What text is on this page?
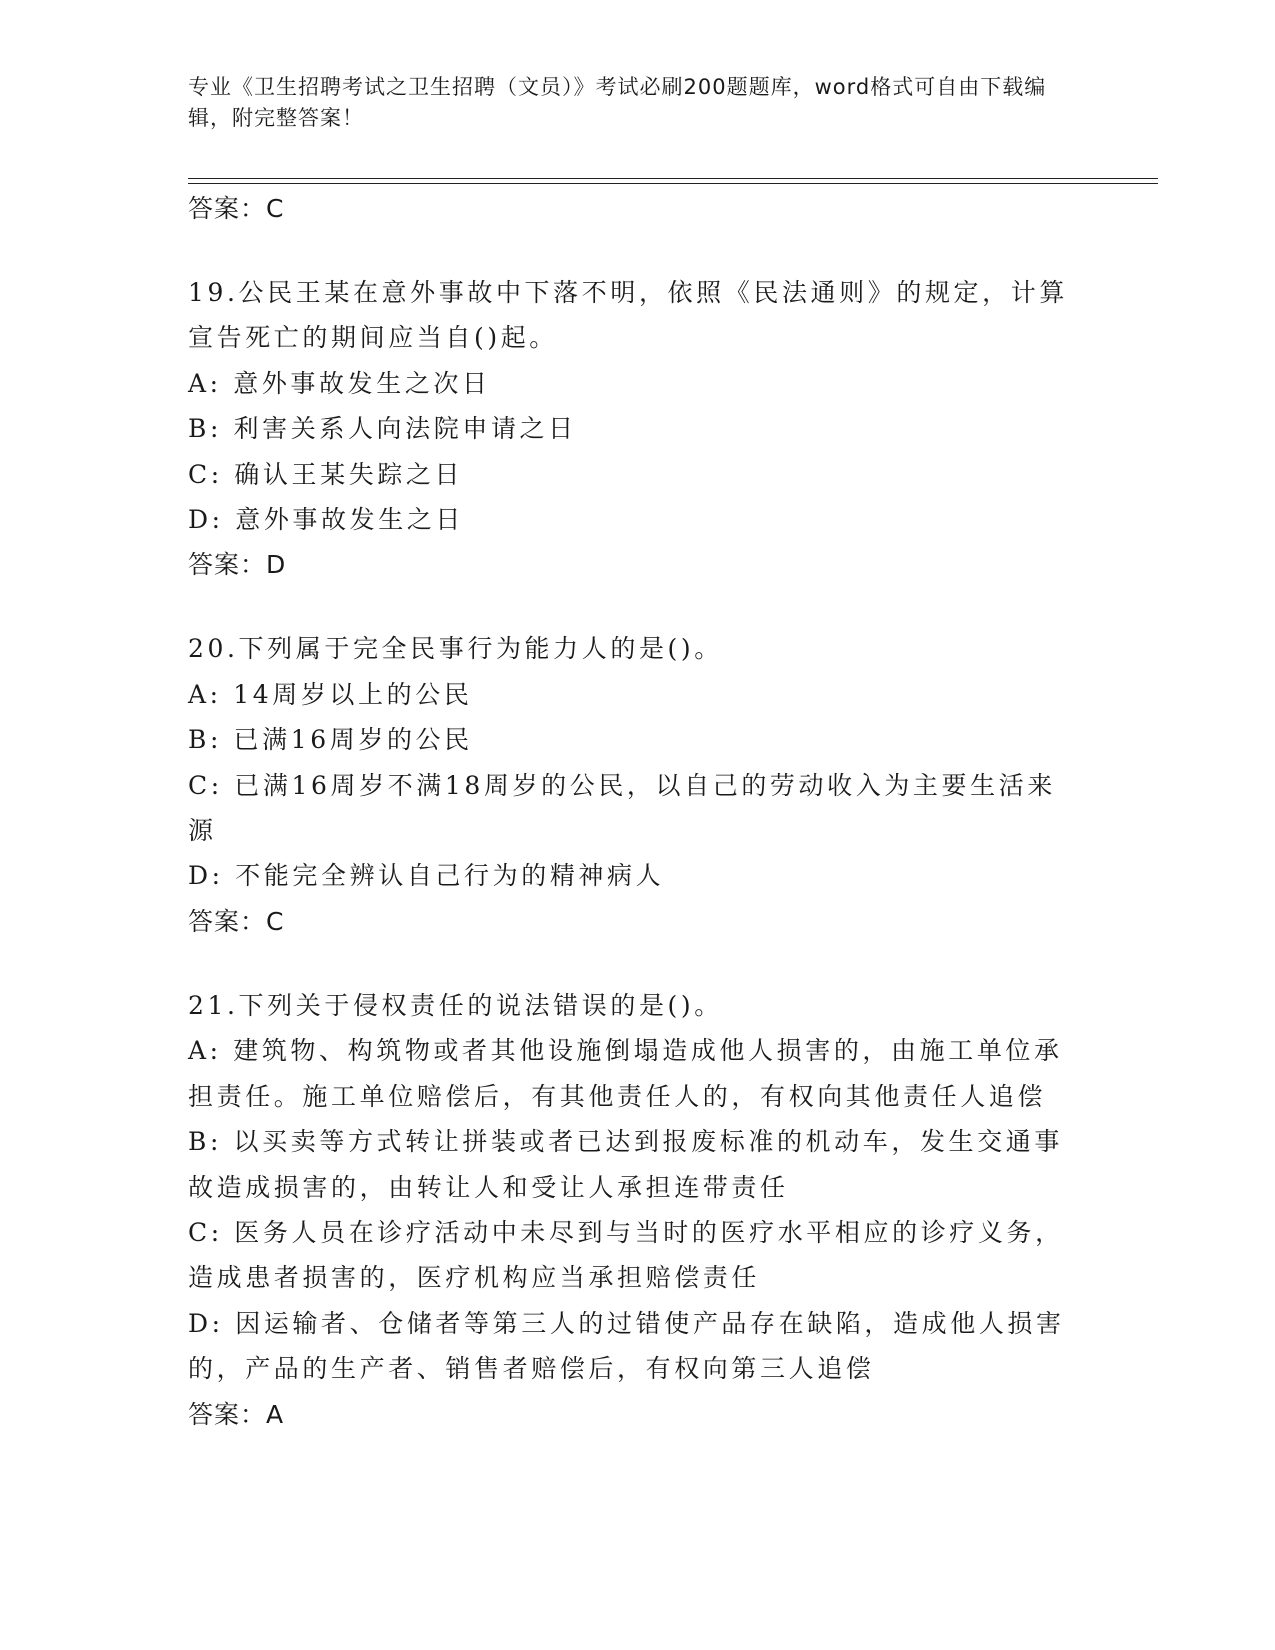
专业《卫生招聘考试之卫生招聘（文员）》考试必刷200题题库，word格式可自由下载编辑，附完整答案！
答案：C
19.公民王某在意外事故中下落不明，依照《民法通则》的规定，计算
宣告死亡的期间应当自()起。
A: 意外事故发生之次日
B: 利害关系人向法院申请之日
C: 确认王某失踪之日
D: 意外事故发生之日
答案：D
20.下列属于完全民事行为能力人的是()。
A: 14周岁以上的公民
B: 已满16周岁的公民
C: 已满16周岁不满18周岁的公民，以自己的劳动收入为主要生活来
源
D: 不能完全辨认自己行为的精神病人
答案：C
21.下列关于侵权责任的说法错误的是()。
A: 建筑物、构筑物或者其他设施倒塌造成他人损害的，由施工单位承
担责任。施工单位赔偿后，有其他责任人的，有权向其他责任人追偿
B: 以买卖等方式转让拼装或者已达到报废标准的机动车，发生交通事
故造成损害的，由转让人和受让人承担连带责任
C: 医务人员在诊疗活动中未尽到与当时的医疗水平相应的诊疗义务，
造成患者损害的，医疗机构应当承担赔偿责任
D: 因运输者、仓储者等第三人的过错使产品存在缺陷，造成他人损害
的，产品的生产者、销售者赔偿后，有权向第三人追偿
答案：A
